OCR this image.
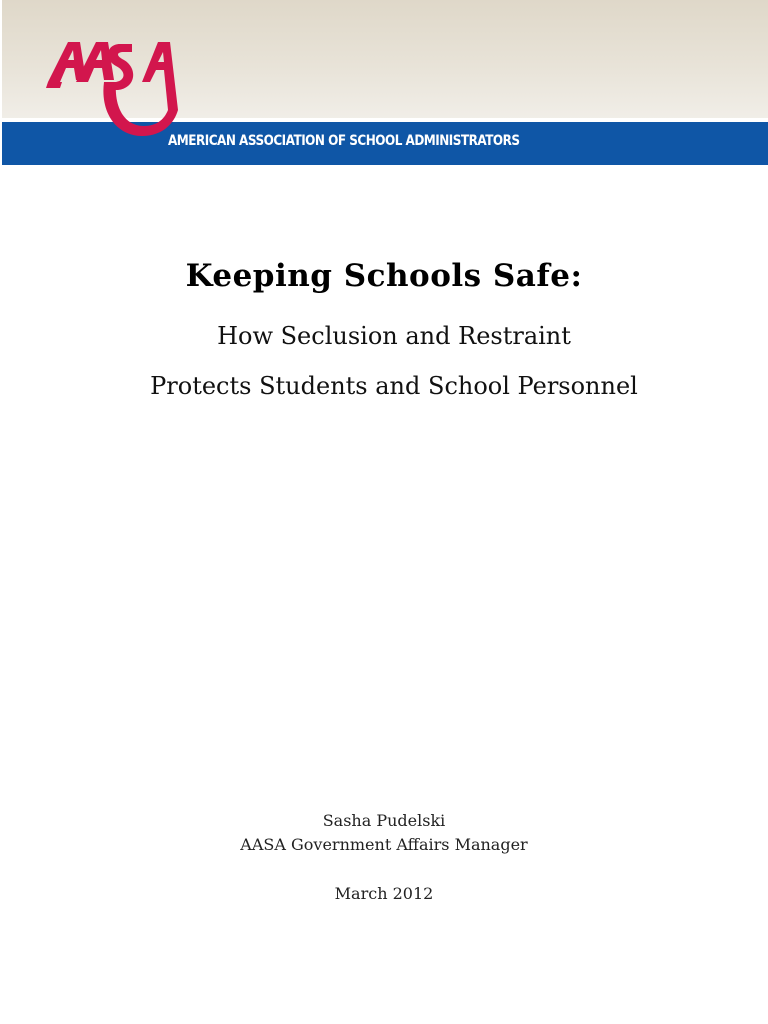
AMERICAN ASSOCIATION OF SCHOOL ADMINISTRATORS
Keeping Schools Safe:
How Seclusion and Restraint
Protects Students and School Personnel
Sasha Pudelski
AASA Government Affairs Manager
March 2012
